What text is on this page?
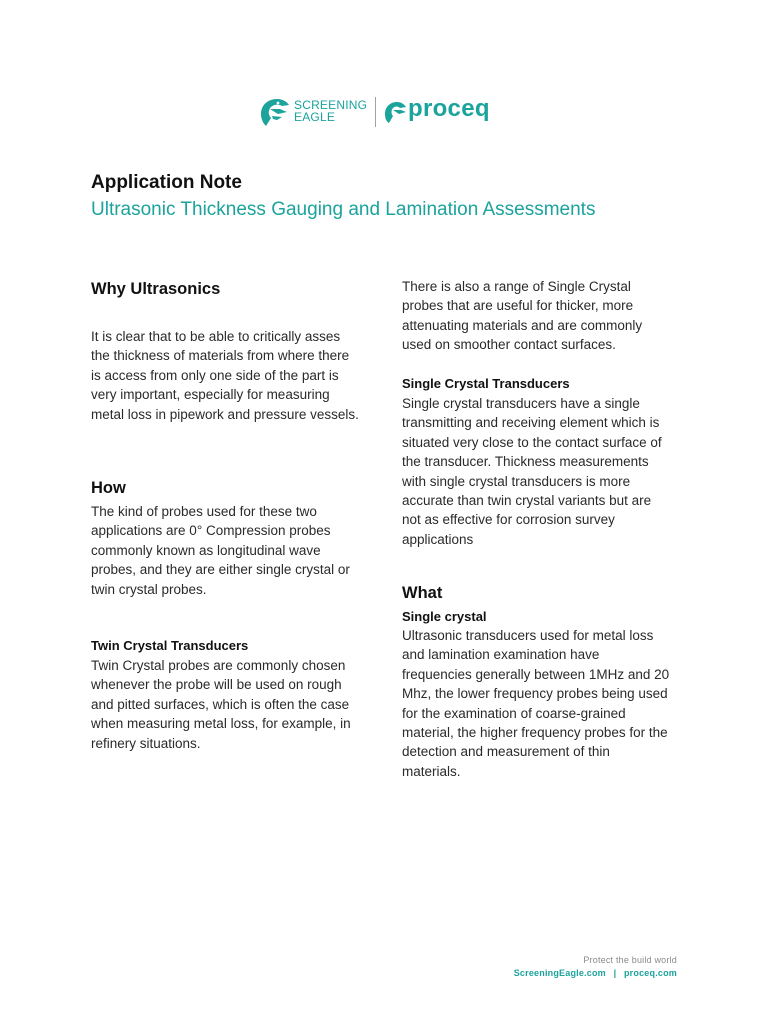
SCREENING
EAGLE	proceq
Application Note
Ultrasonic Thickness Gauging and Lamination Assessments
Why Ultrasonics

It is clear that to be able to critically asses the thickness of materials from where there is access from only one side of the part is very important, especially for measuring metal loss in pipework and pressure vessels.

How

The kind of probes used for these two applications are 0° Compression probes commonly known as longitudinal wave probes, and they are either single crystal or twin crystal probes.

Twin Crystal Transducers

Twin Crystal probes are commonly chosen whenever the probe will be used on rough and pitted surfaces, which is often the case when measuring metal loss, for example, in refinery situations.

There is also a range of Single Crystal probes that are useful for thicker, more attenuating materials and are commonly used on smoother contact surfaces.

Single Crystal Transducers

Single crystal transducers have a single transmitting and receiving element which is situated very close to the contact surface of the transducer. Thickness measurements with single crystal transducers is more accurate than twin crystal variants but are not as effective for corrosion survey applications

What
Single crystal

Ultrasonic transducers used for metal loss and lamination examination have frequencies generally between 1MHz and 20 Mhz, the lower frequency probes being used for the examination of coarse-grained material, the higher frequency probes for the detection and measurement of thin materials.

Protect the build world
ScreeningEagle.com | proceq.com
